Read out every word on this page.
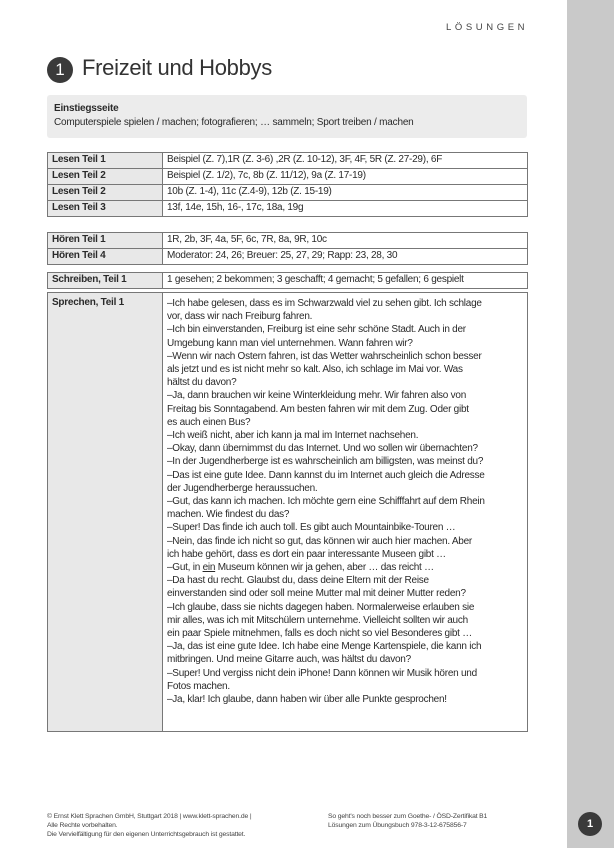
LÖSUNGEN
1 Freizeit und Hobbys
Einstiegsseite
Computerspiele spielen / machen; fotografieren; … sammeln; Sport treiben / machen
Lesen Teil 1	Beispiel (Z. 7),1R (Z. 3-6) ,2R (Z. 10-12), 3F, 4F, 5R (Z. 27-29), 6F
Lesen Teil 2	Beispiel (Z. 1/2), 7c, 8b (Z. 11/12), 9a (Z. 17-19)
Lesen Teil 2	10b (Z. 1-4), 11c (Z.4-9), 12b (Z. 15-19)
Lesen Teil 3	13f, 14e, 15h, 16-, 17c, 18a, 19g
Hören Teil 1	1R, 2b, 3F, 4a, 5F, 6c, 7R, 8a, 9R, 10c
Hören Teil 4	Moderator: 24, 26; Breuer: 25, 27, 29; Rapp: 23, 28, 30
Schreiben, Teil 1	1 gesehen; 2 bekommen; 3 geschafft; 4 gemacht; 5 gefallen; 6 gespielt
Sprechen, Teil 1	–Ich habe gelesen, dass es im Schwarzwald viel zu sehen gibt. Ich schlage
vor, dass wir nach Freiburg fahren.
–Ich bin einverstanden, Freiburg ist eine sehr schöne Stadt. Auch in der
Umgebung kann man viel unternehmen. Wann fahren wir?
–Wenn wir nach Ostern fahren, ist das Wetter wahrscheinlich schon besser
als jetzt und es ist nicht mehr so kalt. Also, ich schlage im Mai vor. Was
hältst du davon?
–Ja, dann brauchen wir keine Winterkleidung mehr. Wir fahren also von
Freitag bis Sonntagabend. Am besten fahren wir mit dem Zug. Oder gibt
es auch einen Bus?
–Ich weiß nicht, aber ich kann ja mal im Internet nachsehen.
–Okay, dann übernimmst du das Internet. Und wo sollen wir übernachten?
–In der Jugendherberge ist es wahrscheinlich am billigsten, was meinst du?
–Das ist eine gute Idee. Dann kannst du im Internet auch gleich die Adresse
der Jugendherberge heraussuchen.
–Gut, das kann ich machen. Ich möchte gern eine Schifffahrt auf dem Rhein
machen. Wie findest du das?
–Super! Das finde ich auch toll. Es gibt auch Mountainbike-Touren …
–Nein, das finde ich nicht so gut, das können wir auch hier machen. Aber
ich habe gehört, dass es dort ein paar interessante Museen gibt …
–Gut, in ein Museum können wir ja gehen, aber … das reicht …
–Da hast du recht. Glaubst du, dass deine Eltern mit der Reise
einverstanden sind oder soll meine Mutter mal mit deiner Mutter reden?
–Ich glaube, dass sie nichts dagegen haben. Normalerweise erlauben sie
mir alles, was ich mit Mitschülern unternehme. Vielleicht sollten wir auch
ein paar Spiele mitnehmen, falls es doch nicht so viel Besonderes gibt …
–Ja, das ist eine gute Idee. Ich habe eine Menge Kartenspiele, die kann ich
mitbringen. Und meine Gitarre auch, was hältst du davon?
–Super! Und vergiss nicht dein iPhone! Dann können wir Musik hören und
Fotos machen.
–Ja, klar! Ich glaube, dann haben wir über alle Punkte gesprochen!
© Ernst Klett Sprachen GmbH, Stuttgart 2018 | www.klett-sprachen.de |
Alle Rechte vorbehalten.
Die Vervielfältigung für den eigenen Unterrichtsgebrauch ist gestattet.
So geht's noch besser zum Goethe- / ÖSD-Zertifikat B1
Lösungen zum Übungsbuch 978-3-12-675856-7	1
